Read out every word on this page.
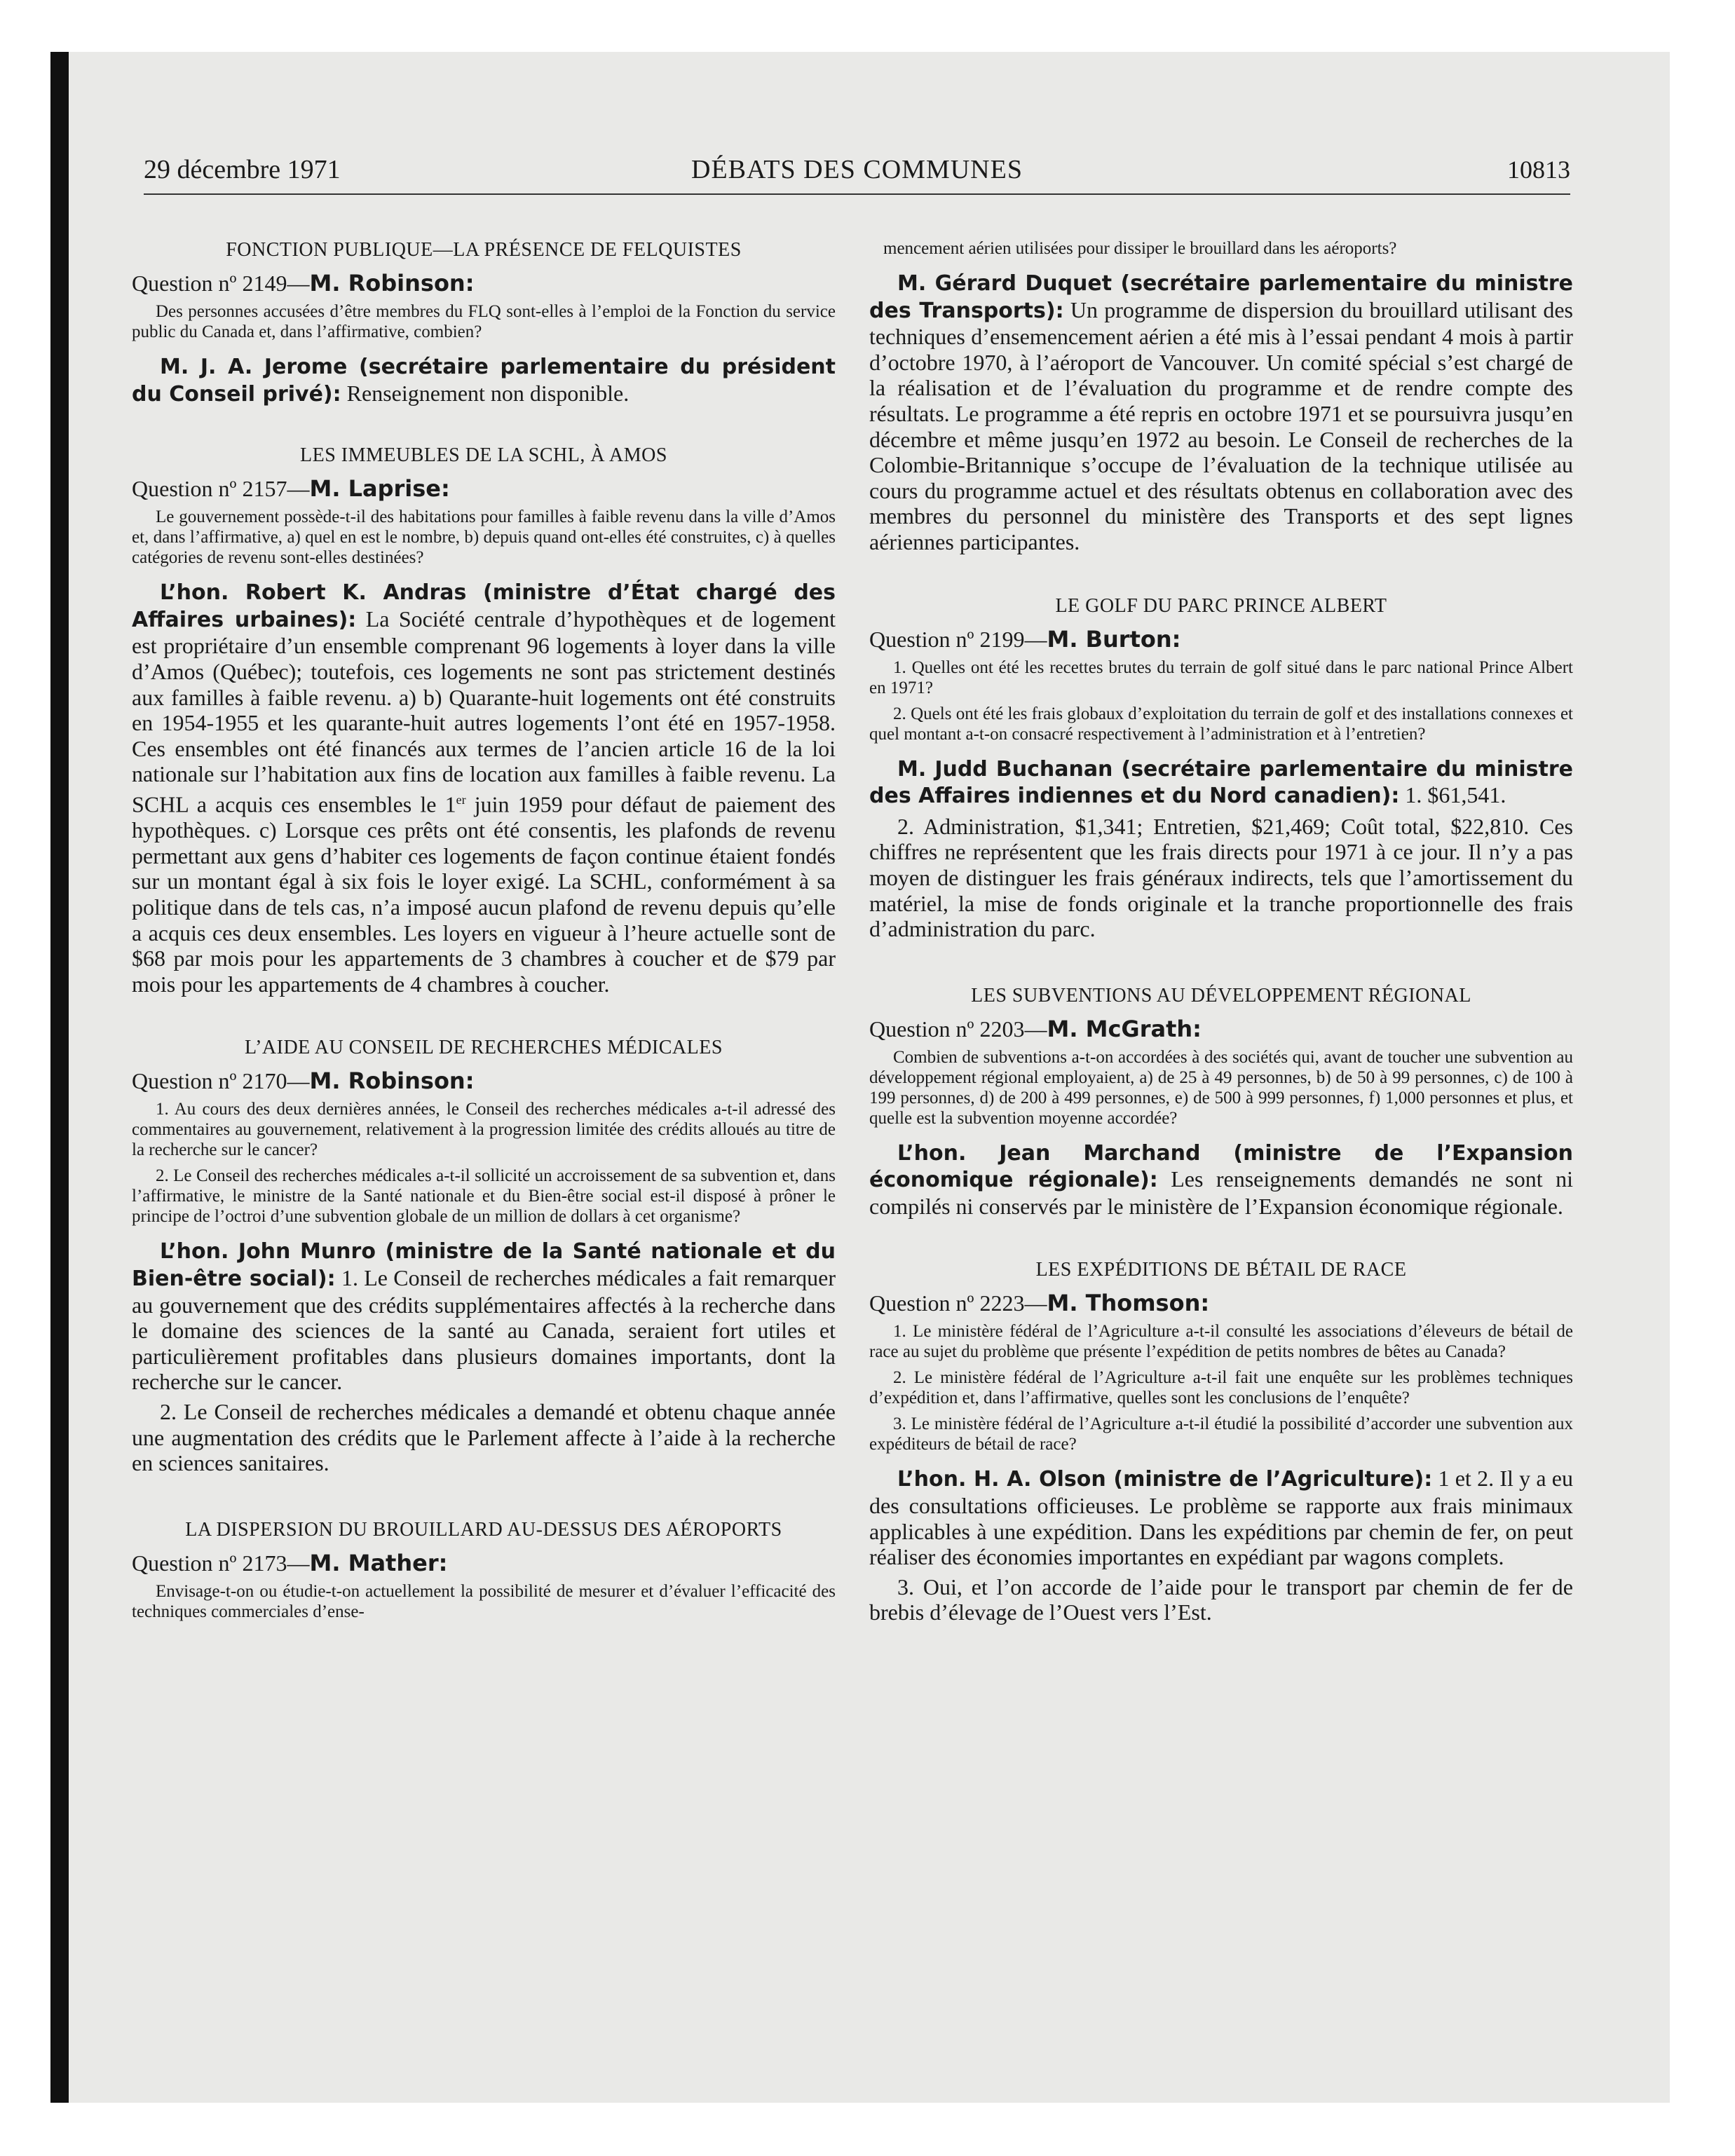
29 décembre 1971	DÉBATS DES COMMUNES	10813

FONCTION PUBLIQUE—LA PRÉSENCE DE FELQUISTES

Question nº 2149—M. Robinson:

Des personnes accusées d’être membres du FLQ sont-elles à l’emploi de la Fonction du service public du Canada et, dans l’affirmative, combien?

M. J. A. Jerome (secrétaire parlementaire du président du Conseil privé): Renseignement non disponible.

LES IMMEUBLES DE LA SCHL, À AMOS

Question nº 2157—M. Laprise:

Le gouvernement possède-t-il des habitations pour familles à faible revenu dans la ville d’Amos et, dans l’affirmative, a) quel en est le nombre, b) depuis quand ont-elles été construites, c) à quelles catégories de revenu sont-elles destinées?

L’hon. Robert K. Andras (ministre d’État chargé des Affaires urbaines): La Société centrale d’hypothèques et de logement est propriétaire d’un ensemble comprenant 96 logements à loyer dans la ville d’Amos (Québec); toutefois, ces logements ne sont pas strictement destinés aux familles à faible revenu. a) b) Quarante-huit logements ont été construits en 1954-1955 et les quarante-huit autres logements l’ont été en 1957-1958. Ces ensembles ont été financés aux termes de l’ancien article 16 de la loi nationale sur l’habitation aux fins de location aux familles à faible revenu. La SCHL a acquis ces ensembles le 1er juin 1959 pour défaut de paiement des hypothèques. c) Lorsque ces prêts ont été consentis, les plafonds de revenu permettant aux gens d’habiter ces logements de façon continue étaient fondés sur un montant égal à six fois le loyer exigé. La SCHL, conformément à sa politique dans de tels cas, n’a imposé aucun plafond de revenu depuis qu’elle a acquis ces deux ensembles. Les loyers en vigueur à l’heure actuelle sont de $68 par mois pour les appartements de 3 chambres à coucher et de $79 par mois pour les appartements de 4 chambres à coucher.

L’AIDE AU CONSEIL DE RECHERCHES MÉDICALES

Question nº 2170—M. Robinson:

1. Au cours des deux dernières années, le Conseil des recherches médicales a-t-il adressé des commentaires au gouvernement, relativement à la progression limitée des crédits alloués au titre de la recherche sur le cancer?

2. Le Conseil des recherches médicales a-t-il sollicité un accroissement de sa subvention et, dans l’affirmative, le ministre de la Santé nationale et du Bien-être social est-il disposé à prôner le principe de l’octroi d’une subvention globale de un million de dollars à cet organisme?

L’hon. John Munro (ministre de la Santé nationale et du Bien-être social): 1. Le Conseil de recherches médicales a fait remarquer au gouvernement que des crédits supplémentaires affectés à la recherche dans le domaine des sciences de la santé au Canada, seraient fort utiles et particulièrement profitables dans plusieurs domaines importants, dont la recherche sur le cancer.

2. Le Conseil de recherches médicales a demandé et obtenu chaque année une augmentation des crédits que le Parlement affecte à l’aide à la recherche en sciences sanitaires.

LA DISPERSION DU BROUILLARD AU-DESSUS DES AÉROPORTS

Question nº 2173—M. Mather:

Envisage-t-on ou étudie-t-on actuellement la possibilité de mesurer et d’évaluer l’efficacité des techniques commerciales d’ense-

mencement aérien utilisées pour dissiper le brouillard dans les aéroports?

M. Gérard Duquet (secrétaire parlementaire du ministre des Transports): Un programme de dispersion du brouillard utilisant des techniques d’ensemencement aérien a été mis à l’essai pendant 4 mois à partir d’octobre 1970, à l’aéroport de Vancouver. Un comité spécial s’est chargé de la réalisation et de l’évaluation du programme et de rendre compte des résultats. Le programme a été repris en octobre 1971 et se poursuivra jusqu’en décembre et même jusqu’en 1972 au besoin. Le Conseil de recherches de la Colombie-Britannique s’occupe de l’évaluation de la technique utilisée au cours du programme actuel et des résultats obtenus en collaboration avec des membres du personnel du ministère des Transports et des sept lignes aériennes participantes.

LE GOLF DU PARC PRINCE ALBERT

Question nº 2199—M. Burton:

1. Quelles ont été les recettes brutes du terrain de golf situé dans le parc national Prince Albert en 1971?

2. Quels ont été les frais globaux d’exploitation du terrain de golf et des installations connexes et quel montant a-t-on consacré respectivement à l’administration et à l’entretien?

M. Judd Buchanan (secrétaire parlementaire du ministre des Affaires indiennes et du Nord canadien): 1. $61,541.

2. Administration, $1,341; Entretien, $21,469; Coût total, $22,810. Ces chiffres ne représentent que les frais directs pour 1971 à ce jour. Il n’y a pas moyen de distinguer les frais généraux indirects, tels que l’amortissement du matériel, la mise de fonds originale et la tranche proportionnelle des frais d’administration du parc.

LES SUBVENTIONS AU DÉVELOPPEMENT RÉGIONAL

Question nº 2203—M. McGrath:

Combien de subventions a-t-on accordées à des sociétés qui, avant de toucher une subvention au développement régional employaient, a) de 25 à 49 personnes, b) de 50 à 99 personnes, c) de 100 à 199 personnes, d) de 200 à 499 personnes, e) de 500 à 999 personnes, f) 1,000 personnes et plus, et quelle est la subvention moyenne accordée?

L’hon. Jean Marchand (ministre de l’Expansion économique régionale): Les renseignements demandés ne sont ni compilés ni conservés par le ministère de l’Expansion économique régionale.

LES EXPÉDITIONS DE BÉTAIL DE RACE

Question nº 2223—M. Thomson:

1. Le ministère fédéral de l’Agriculture a-t-il consulté les associations d’éleveurs de bétail de race au sujet du problème que présente l’expédition de petits nombres de bêtes au Canada?

2. Le ministère fédéral de l’Agriculture a-t-il fait une enquête sur les problèmes techniques d’expédition et, dans l’affirmative, quelles sont les conclusions de l’enquête?

3. Le ministère fédéral de l’Agriculture a-t-il étudié la possibilité d’accorder une subvention aux expéditeurs de bétail de race?

L’hon. H. A. Olson (ministre de l’Agriculture): 1 et 2. Il y a eu des consultations officieuses. Le problème se rapporte aux frais minimaux applicables à une expédition. Dans les expéditions par chemin de fer, on peut réaliser des économies importantes en expédiant par wagons complets.

3. Oui, et l’on accorde de l’aide pour le transport par chemin de fer de brebis d’élevage de l’Ouest vers l’Est.
